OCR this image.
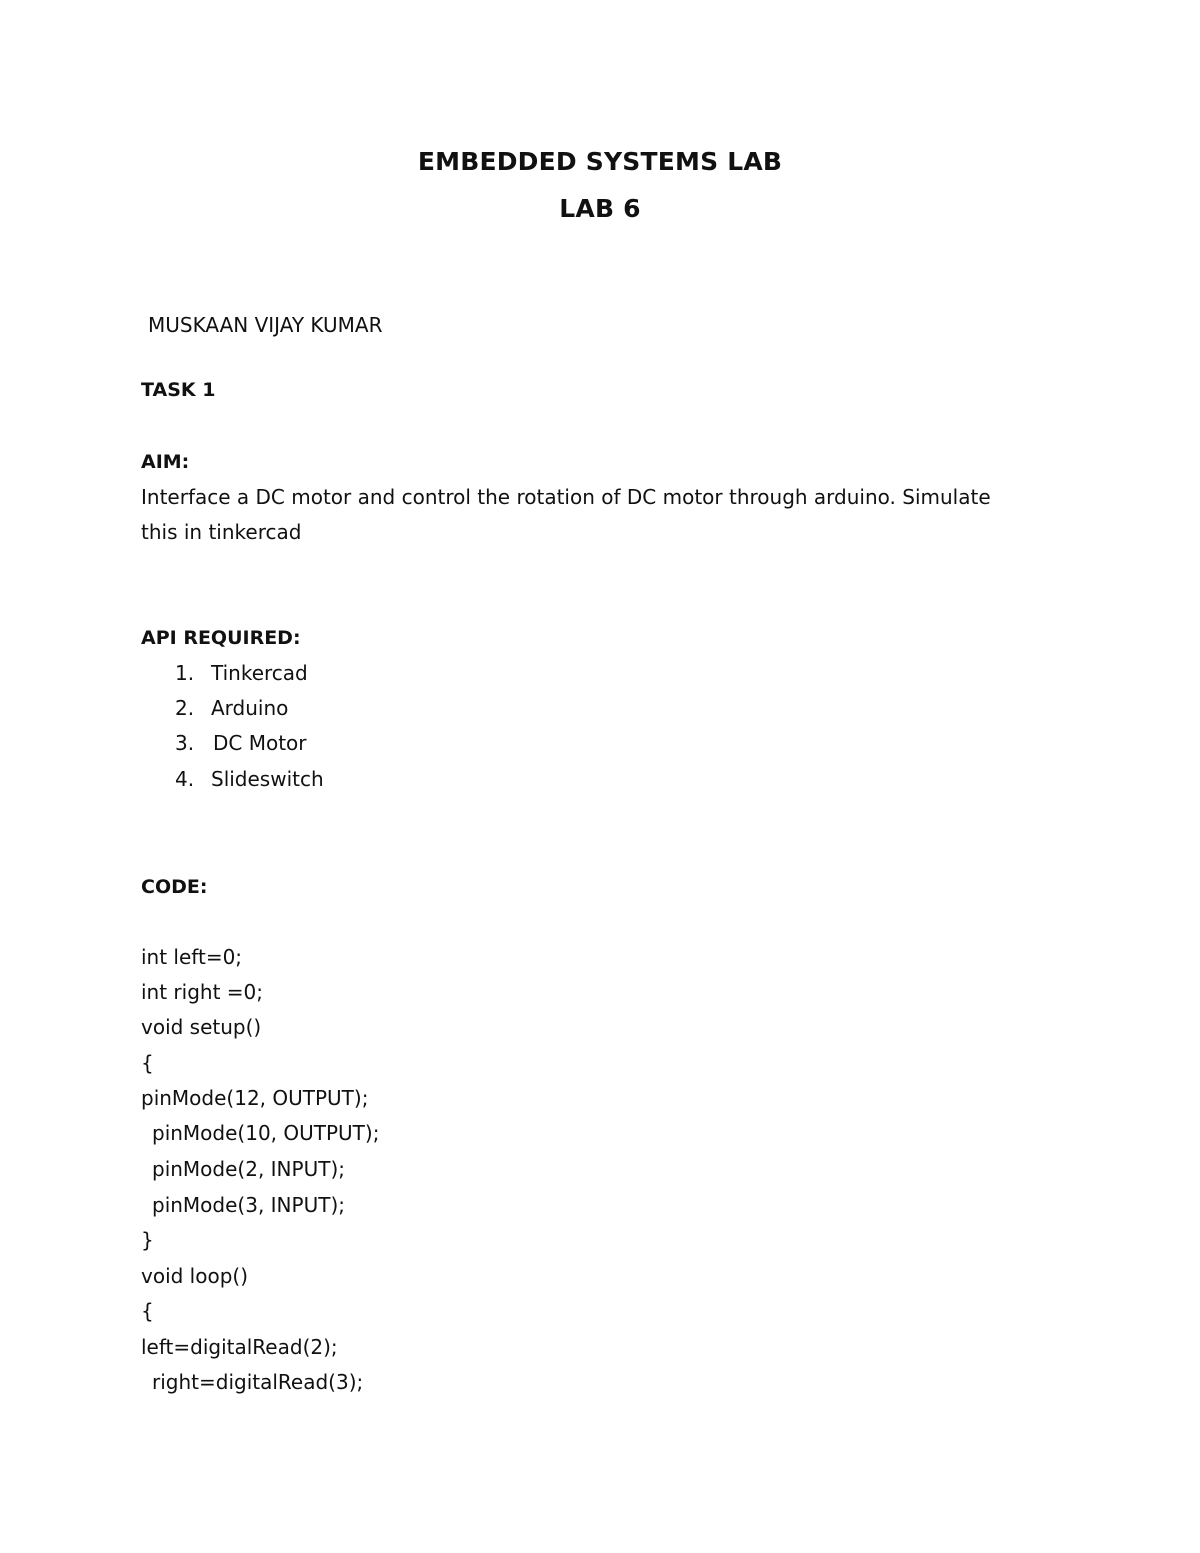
EMBEDDED SYSTEMS LAB
LAB 6
MUSKAAN VIJAY KUMAR
TASK 1
AIM:
Interface a DC motor and control the rotation of DC motor through arduino. Simulate
this in tinkercad
API REQUIRED:
1. Tinkercad
2. Arduino
3. DC Motor
4. Slideswitch
CODE:
int left=0;
int right =0;
void setup()
{
pinMode(12, OUTPUT);
pinMode(10, OUTPUT);
pinMode(2, INPUT);
pinMode(3, INPUT);
}
void loop()
{
left=digitalRead(2);
right=digitalRead(3);
